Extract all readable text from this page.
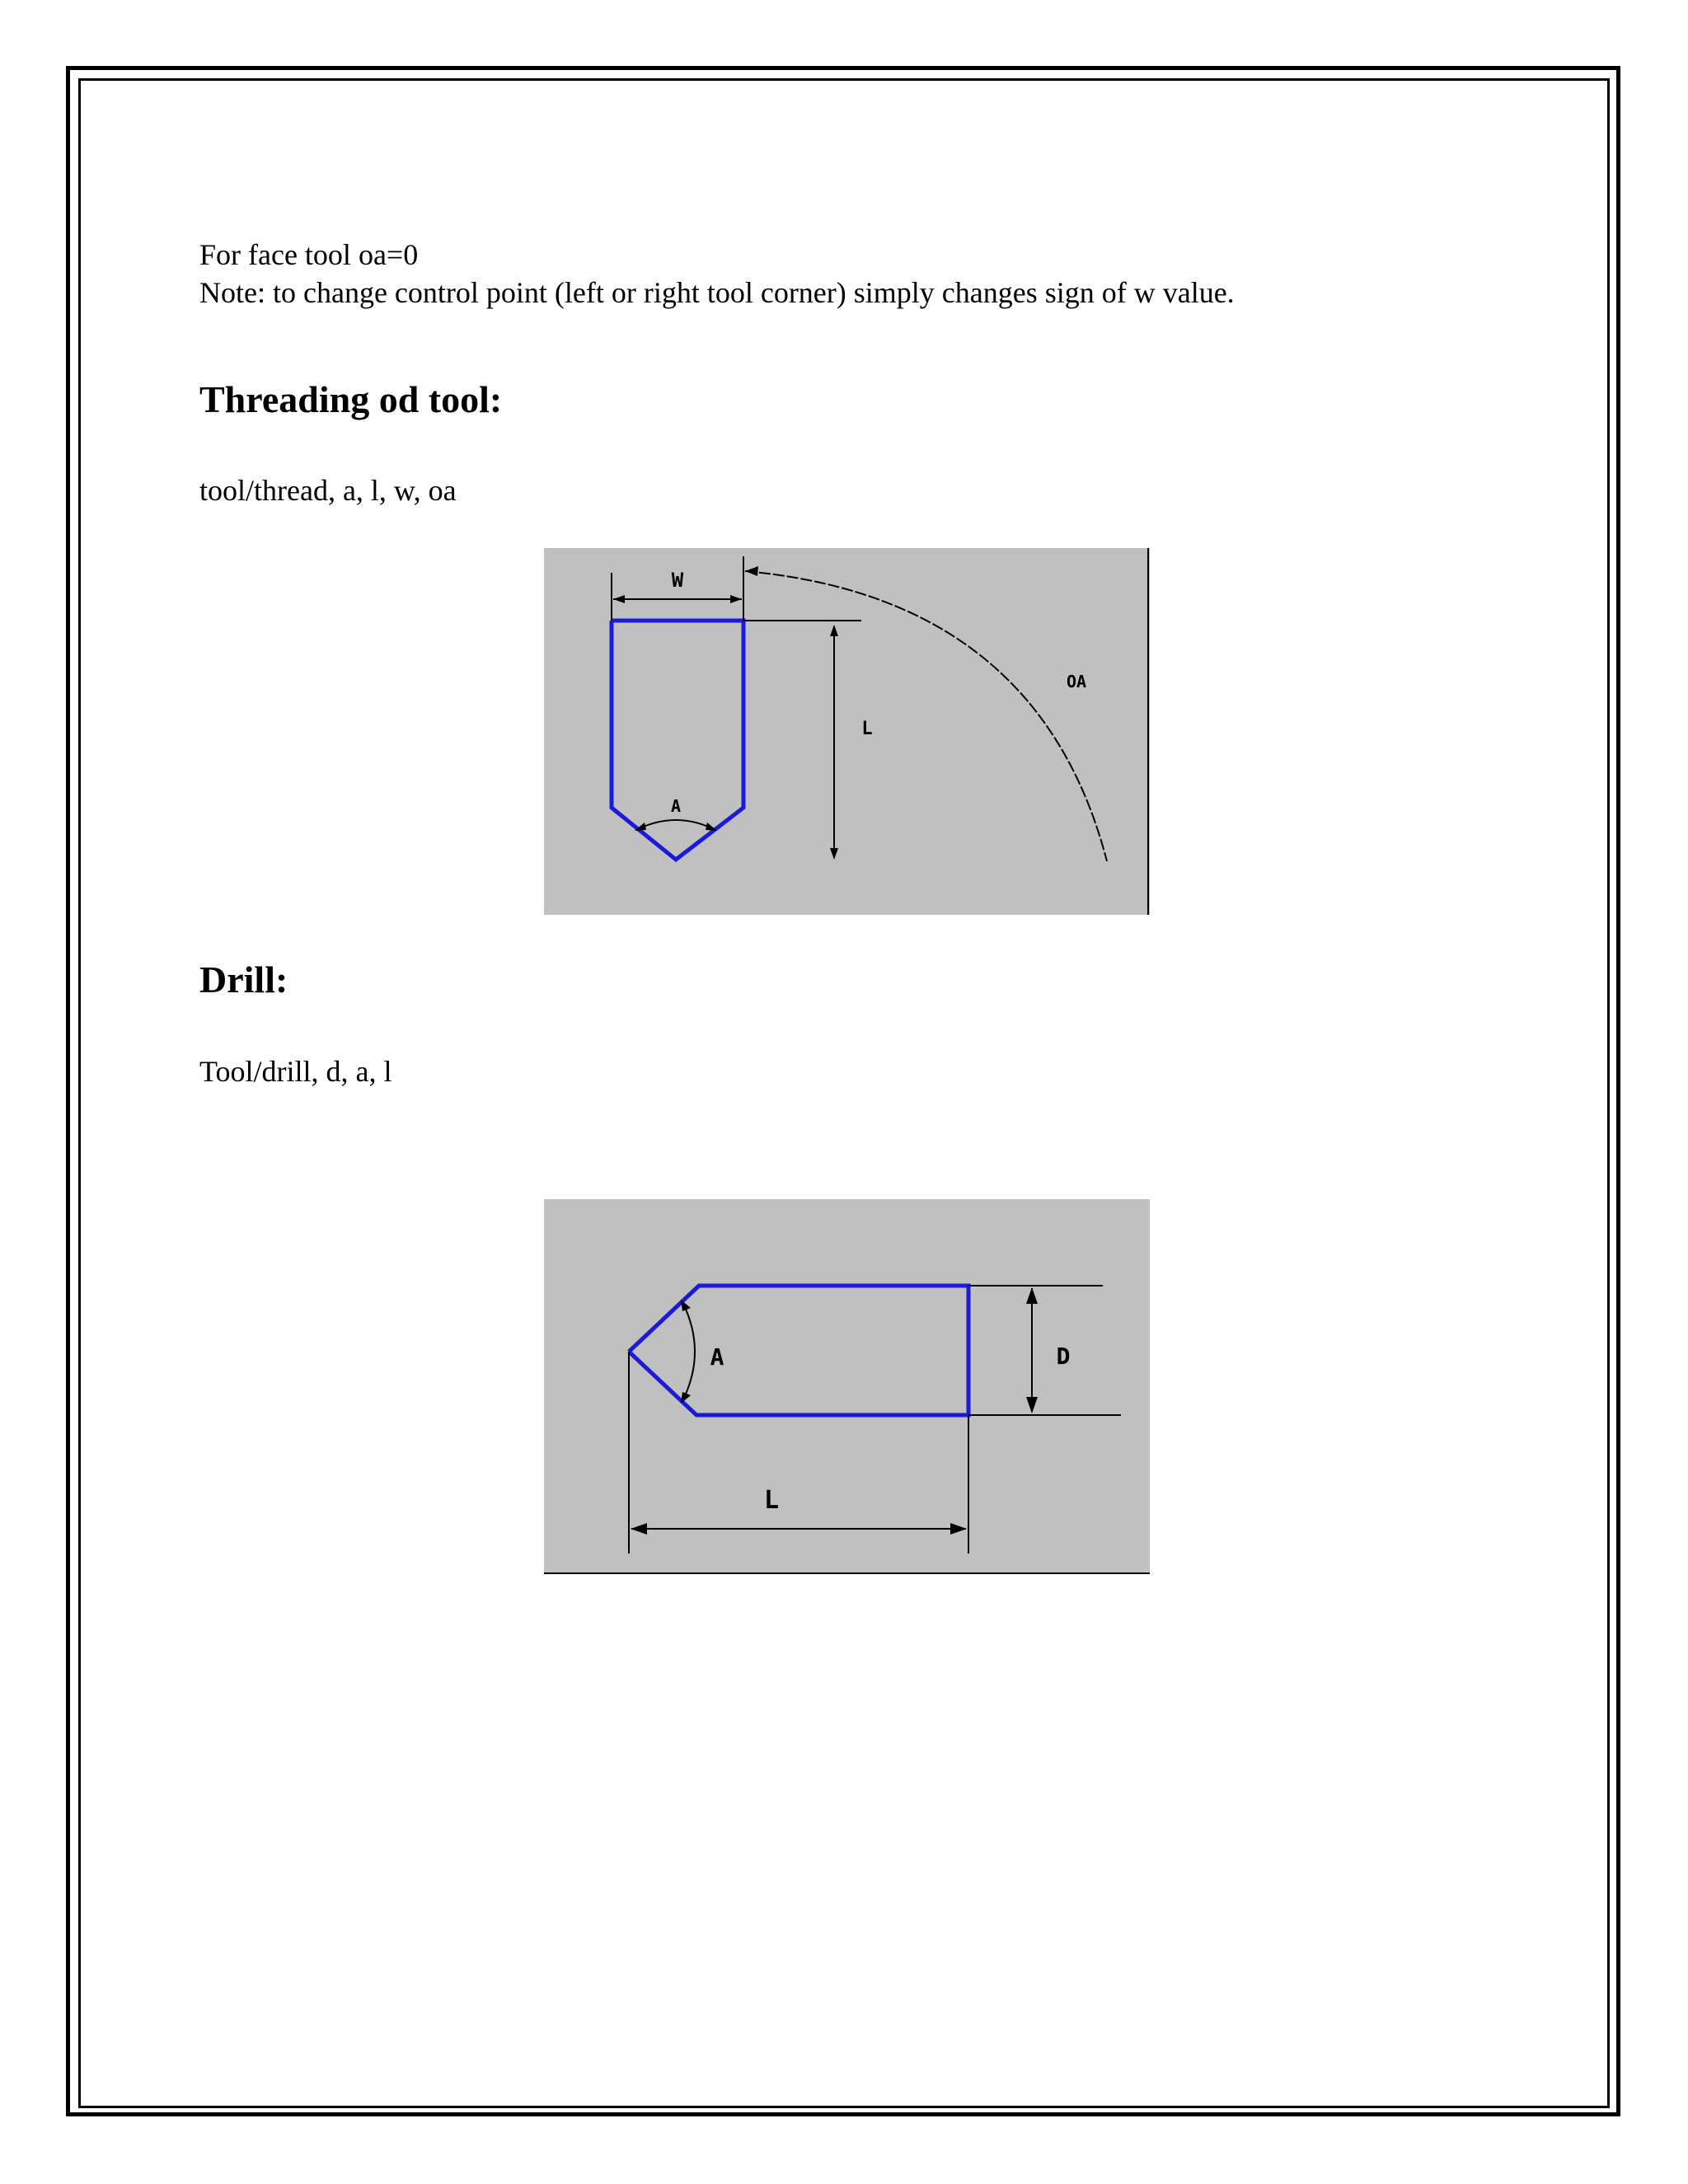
For face tool oa=0
Note: to change control point (left or right tool corner) simply changes sign of w value.
Threading od tool:
tool/thread, a, l, w, oa
W
L
A
OA
Drill:
Tool/drill, d, a, l
A	D
L
